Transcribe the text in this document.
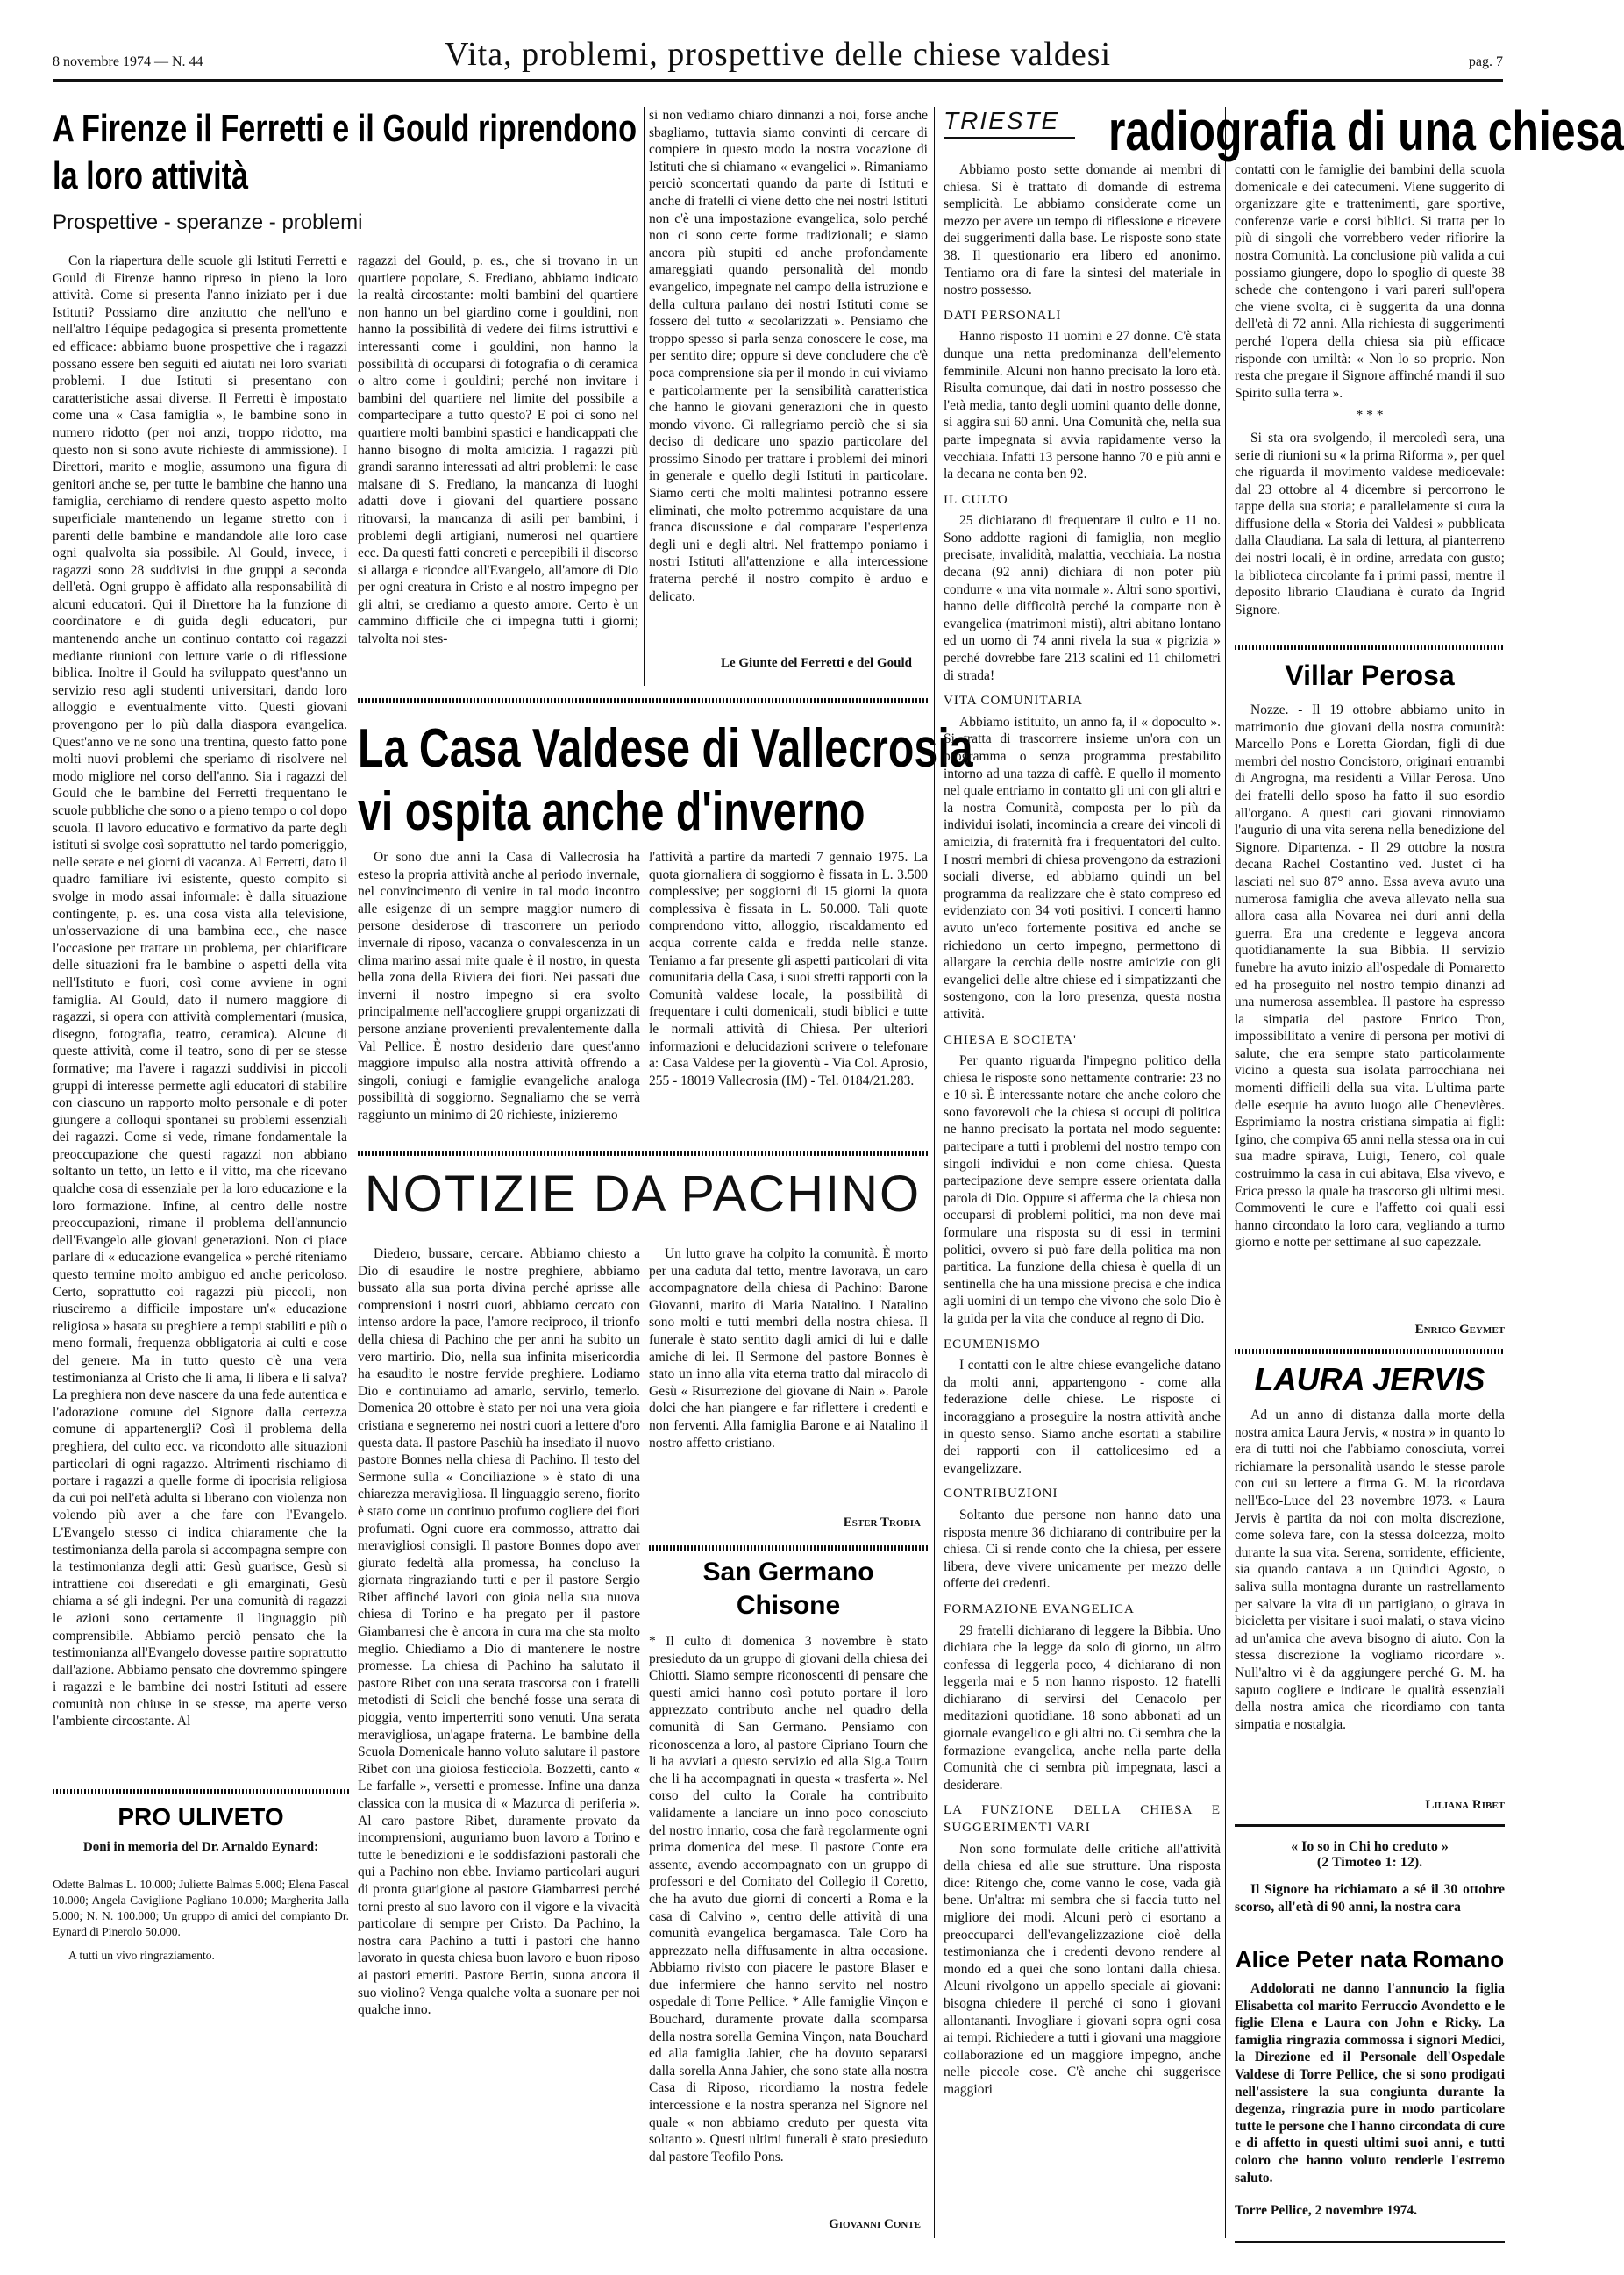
8 novembre 1974 — N. 44	Vita, problemi, prospettive delle chiese valdesi	pag. 7
A Firenze il Ferretti e il Gould riprendono
la loro attività
Prospettive - speranze - problemi

Con la riapertura delle scuole gli Istituti Ferretti e Gould di Firenze hanno ripreso in pieno la loro attività. Come si presenta l'anno iniziato per i due Istituti? Possiamo dire anzitutto che nell'uno e nell'altro l'équipe pedagogica si presenta promettente ed efficace: abbiamo buone prospettive che i ragazzi possano essere ben seguiti ed aiutati nei loro svariati problemi. I due Istituti si presentano con caratteristiche assai diverse. Il Ferretti è impostato come una « Casa famiglia », le bambine sono in numero ridotto (per noi anzi, troppo ridotto, ma questo non si sono avute richieste di ammissione). I Direttori, marito e moglie, assumono una figura di genitori anche se, per tutte le bambine che hanno una famiglia, cerchiamo di rendere questo aspetto molto superficiale mantenendo un legame stretto con i parenti delle bambine e mandandole alle loro case ogni qualvolta sia possibile. Al Gould, invece, i ragazzi sono 28 suddivisi in due gruppi a seconda dell'età. Ogni gruppo è affidato alla responsabilità di alcuni educatori. Qui il Direttore ha la funzione di coordinatore e di guida degli educatori, pur mantenendo anche un continuo contatto coi ragazzi mediante riunioni con letture varie o di riflessione biblica. Inoltre il Gould ha sviluppato quest'anno un servizio reso agli studenti universitari, dando loro alloggio e eventualmente vitto. Questi giovani provengono per lo più dalla diaspora evangelica. Quest'anno ve ne sono una trentina, questo fatto pone molti nuovi problemi che speriamo di risolvere nel modo migliore nel corso dell'anno. Sia i ragazzi del Gould che le bambine del Ferretti frequentano le scuole pubbliche che sono o a pieno tempo o col dopo scuola. Il lavoro educativo e formativo da parte degli istituti si svolge così soprattutto nel tardo pomeriggio, nelle serate e nei giorni di vacanza. Al Ferretti, dato il quadro familiare ivi esistente, questo compito si svolge in modo assai informale: è dalla situazione contingente, p. es. una cosa vista alla televisione, un'osservazione di una bambina ecc., che nasce l'occasione per trattare un problema, per chiarificare delle situazioni fra le bambine o aspetti della vita nell'Istituto e fuori, così come avviene in ogni famiglia. Al Gould, dato il numero maggiore di ragazzi, si opera con attività complementari (musica, disegno, fotografia, teatro, ceramica). Alcune di queste attività, come il teatro, sono di per se stesse formative; ma l'avere i ragazzi suddivisi in piccoli gruppi di interesse permette agli educatori di stabilire con ciascuno un rapporto molto personale e di poter giungere a colloqui spontanei su problemi essenziali dei ragazzi. Come si vede, rimane fondamentale la preoccupazione che questi ragazzi non abbiano soltanto un tetto, un letto e il vitto, ma che ricevano qualche cosa di essenziale per la loro educazione e la loro formazione. Infine, al centro delle nostre preoccupazioni, rimane il problema dell'annuncio dell'Evangelo alle giovani generazioni. Non ci piace parlare di « educazione evangelica » perché riteniamo questo termine molto ambiguo ed anche pericoloso. Certo, soprattutto coi ragazzi più piccoli, non riusciremo a difficile impostare un'« educazione religiosa » basata su preghiere a tempi stabiliti e più o meno formali, frequenza obbligatoria ai culti e cose del genere. Ma in tutto questo c'è una vera testimonianza al Cristo che li ama, li libera e li salva? La preghiera non deve nascere da una fede autentica e l'adorazione comune del Signore dalla certezza comune di appartenergli? Così il problema della preghiera, del culto ecc. va ricondotto alle situazioni particolari di ogni ragazzo. Altrimenti rischiamo di portare i ragazzi a quelle forme di ipocrisia religiosa da cui poi nell'età adulta si liberano con violenza non volendo più aver a che fare con l'Evangelo. L'Evangelo stesso ci indica chiaramente che la testimonianza della parola si accompagna sempre con la testimonianza degli atti: Gesù guarisce, Gesù si intrattiene coi diseredati e gli emarginati, Gesù chiama a sé gli indegni. Per una comunità di ragazzi le azioni sono certamente il linguaggio più comprensibile. Abbiamo perciò pensato che la testimonianza all'Evangelo dovesse partire soprattutto dall'azione. Abbiamo pensato che dovremmo spingere i ragazzi e le bambine dei nostri Istituti ad essere comunità non chiuse in se stesse, ma aperte verso l'ambiente circostante. Al

ragazzi del Gould, p. es., che si trovano in un quartiere popolare, S. Frediano, abbiamo indicato la realtà circostante: molti bambini del quartiere non hanno un bel giardino come i gouldini, non hanno la possibilità di vedere dei films istruttivi e interessanti come i gouldini, non hanno la possibilità di occuparsi di fotografia o di ceramica o altro come i gouldini; perché non invitare i bambini del quartiere nel limite del possibile a compartecipare a tutto questo? E poi ci sono nel quartiere molti bambini spastici e handicappati che hanno bisogno di molta amicizia. I ragazzi più grandi saranno interessati ad altri problemi: le case malsane di S. Frediano, la mancanza di luoghi adatti dove i giovani del quartiere possano ritrovarsi, la mancanza di asili per bambini, i problemi degli artigiani, numerosi nel quartiere ecc. Da questi fatti concreti e percepibili il discorso si allarga e ricondce all'Evangelo, all'amore di Dio per ogni creatura in Cristo e al nostro impegno per gli altri, se crediamo a questo amore. Certo è un cammino difficile che ci impegna tutti i giorni; talvolta noi stes-

si non vediamo chiaro dinnanzi a noi, forse anche sbagliamo, tuttavia siamo convinti di cercare di compiere in questo modo la nostra vocazione di Istituti che si chiamano « evangelici ». Rimaniamo perciò sconcertati quando da parte di Istituti e anche di fratelli ci viene detto che nei nostri Istituti non c'è una impostazione evangelica, solo perché non ci sono certe forme tradizionali; e siamo ancora più stupiti ed anche profondamente amareggiati quando personalità del mondo evangelico, impegnate nel campo della istruzione e della cultura parlano dei nostri Istituti come se fossero del tutto « secolarizzati ». Pensiamo che troppo spesso si parla senza conoscere le cose, ma per sentito dire; oppure si deve concludere che c'è poca comprensione sia per il mondo in cui viviamo e particolarmente per la sensibilità caratteristica che hanno le giovani generazioni che in questo mondo vivono. Ci rallegriamo perciò che si sia deciso di dedicare uno spazio particolare del prossimo Sinodo per trattare i problemi dei minori in generale e quello degli Istituti in particolare. Siamo certi che molti malintesi potranno essere eliminati, che molto potremmo acquistare da una franca discussione e dal comparare l'esperienza degli uni e degli altri. Nel frattempo poniamo i nostri Istituti all'attenzione e alla intercessione fraterna perché il nostro compito è arduo e delicato.

Le Giunte del Ferretti e del Gould
PRO ULIVETO
Doni in memoria del Dr. Arnaldo Eynard:

Odette Balmas L. 10.000; Juliette Balmas 5.000; Elena Pascal 10.000; Angela Caviglione Pagliano 10.000; Margherita Jalla 5.000; N. N. 100.000; Un gruppo di amici del compianto Dr. Eynard di Pinerolo 50.000.

A tutti un vivo ringraziamento.
La Casa Valdese di Vallecrosia
vi ospita anche d'inverno

Or sono due anni la Casa di Vallecrosia ha esteso la propria attività anche al periodo invernale, nel convincimento di venire in tal modo incontro alle esigenze di un sempre maggior numero di persone desiderose di trascorrere un periodo invernale di riposo, vacanza o convalescenza in un clima marino assai mite quale è il nostro, in questa bella zona della Riviera dei fiori. Nei passati due inverni il nostro impegno si era svolto principalmente nell'accogliere gruppi organizzati di persone anziane provenienti prevalentemente dalla Val Pellice. È nostro desiderio dare quest'anno maggiore impulso alla nostra attività offrendo a singoli, coniugi e famiglie evangeliche analoga possibilità di soggiorno. Segnaliamo che se verrà raggiunto un minimo di 20 richieste, inizieremo

l'attività a partire da martedì 7 gennaio 1975. La quota giornaliera di soggiorno è fissata in L. 3.500 complessive; per soggiorni di 15 giorni la quota complessiva è fissata in L. 50.000. Tali quote comprendono vitto, alloggio, riscaldamento ed acqua corrente calda e fredda nelle stanze. Teniamo a far presente gli aspetti particolari di vita comunitaria della Casa, i suoi stretti rapporti con la Comunità valdese locale, la possibilità di frequentare i culti domenicali, studi biblici e tutte le normali attività di Chiesa. Per ulteriori informazioni e delucidazioni scrivere o telefonare a: Casa Valdese per la gioventù - Via Col. Aprosio, 255 - 18019 Vallecrosia (IM) - Tel. 0184/21.283.

NOTIZIE DA PACHINO

Diedero, bussare, cercare. Abbiamo chiesto a Dio di esaudire le nostre preghiere, abbiamo bussato alla sua porta divina perché aprisse alle comprensioni i nostri cuori, abbiamo cercato con intenso ardore la pace, l'amore reciproco, il trionfo della chiesa di Pachino che per anni ha subito un vero martirio. Dio, nella sua infinita misericordia ha esaudito le nostre fervide preghiere. Lodiamo Dio e continuiamo ad amarlo, servirlo, temerlo. Domenica 20 ottobre è stato per noi una vera gioia cristiana e segneremo nei nostri cuori a lettere d'oro questa data. Il pastore Paschiù ha insediato il nuovo pastore Bonnes nella chiesa di Pachino. Il testo del Sermone sulla « Conciliazione » è stato di una chiarezza meravigliosa. Il linguaggio sereno, fiorito è stato come un continuo profumo cogliere dei fiori profumati. Ogni cuore era commosso, attratto dai meravigliosi consigli. Il pastore Bonnes dopo aver giurato fedeltà alla promessa, ha concluso la giornata ringraziando tutti e per il pastore Sergio Ribet affinché lavori con gioia nella sua nuova chiesa di Torino e ha pregato per il pastore Giambarresi che è ancora in cura ma che sta molto meglio. Chiediamo a Dio di mantenere le nostre promesse. La chiesa di Pachino ha salutato il pastore Ribet con una serata trascorsa con i fratelli metodisti di Scicli che benché fosse una serata di pioggia, vento imperterriti sono venuti. Una serata meravigliosa, un'agape fraterna. Le bambine della Scuola Domenicale hanno voluto salutare il pastore Ribet con una gioiosa festicciola. Bozzetti, canto « Le farfalle », versetti e promesse. Infine una danza classica con la musica di « Mazurca di periferia ». Al caro pastore Ribet, duramente provato da incomprensioni, auguriamo buon lavoro a Torino e tutte le benedizioni e le soddisfazioni pastorali che qui a Pachino non ebbe. Inviamo particolari auguri di pronta guarigione al pastore Giambarresi perché torni presto al suo lavoro con il vigore e la vivacità particolare di sempre per Cristo. Da Pachino, la nostra cara Pachino a tutti i pastori che hanno lavorato in questa chiesa buon lavoro e buon riposo ai pastori emeriti. Pastore Bertin, suona ancora il suo violino? Venga qualche volta a suonare per noi qualche inno.

Un lutto grave ha colpito la comunità. È morto per una caduta dal tetto, mentre lavorava, un caro accompagnatore della chiesa di Pachino: Barone Giovanni, marito di Maria Natalino. I Natalino sono molti e tutti membri della nostra chiesa. Il funerale è stato sentito dagli amici di lui e dalle amiche di lei. Il Sermone del pastore Bonnes è stato un inno alla vita eterna tratto dal miracolo di Gesù « Risurrezione del giovane di Nain ». Parole dolci che han piangere e far riflettere i credenti e non ferventi. Alla famiglia Barone e ai Natalino il nostro affetto cristiano.

Ester Trobia
San Germano
Chisone

* Il culto di domenica 3 novembre è stato presieduto da un gruppo di giovani della chiesa dei Chiotti. Siamo sempre riconoscenti di pensare che questi amici hanno così potuto portare il loro apprezzato contributo anche nel quadro della comunità di San Germano. Pensiamo con riconoscenza a loro, al pastore Cipriano Tourn che li ha avviati a questo servizio ed alla Sig.a Tourn che li ha accompagnati in questa « trasferta ». Nel corso del culto la Corale ha contribuito validamente a lanciare un inno poco conosciuto del nostro innario, cosa che farà regolarmente ogni prima domenica del mese. Il pastore Conte era assente, avendo accompagnato con un gruppo di professori e del Comitato del Collegio il Coretto, che ha avuto due giorni di concerti a Roma e la casa di Calvino », centro delle attività di una comunità evangelica bergamasca. Tale Coro ha apprezzato nella diffusamente in altra occasione. Abbiamo rivisto con piacere le pastore Blaser e due infermiere che hanno servito nel nostro ospedale di Torre Pellice. * Alle famiglie Vinçon e Bouchard, duramente provate dalla scomparsa della nostra sorella Gemina Vinçon, nata Bouchard ed alla famiglia Jahier, che ha dovuto separarsi dalla sorella Anna Jahier, che sono state alla nostra Casa di Riposo, ricordiamo la nostra fedele intercessione e la nostra speranza nel Signore nel quale « non abbiamo creduto per questa vita soltanto ». Questi ultimi funerali è stato presieduto dal pastore Teofilo Pons.

Giovanni Conte
TRIESTE radiografia di una chiesa

Abbiamo posto sette domande ai membri di chiesa. Si è trattato di domande di estrema semplicità. Le abbiamo considerate come un mezzo per avere un tempo di riflessione e ricevere dei suggerimenti dalla base. Le risposte sono state 38. Il questionario era libero ed anonimo. Tentiamo ora di fare la sintesi del materiale in nostro possesso.

DATI PERSONALI

Hanno risposto 11 uomini e 27 donne. C'è stata dunque una netta predominanza dell'elemento femminile. Alcuni non hanno precisato la loro età. Risulta comunque, dai dati in nostro possesso che l'età media, tanto degli uomini quanto delle donne, si aggira sui 60 anni. Una Comunità che, nella sua parte impegnata si avvia rapidamente verso la vecchiaia. Infatti 13 persone hanno 70 e più anni e la decana ne conta ben 92.

IL CULTO

25 dichiarano di frequentare il culto e 11 no. Sono addotte ragioni di famiglia, non meglio precisate, invalidità, malattia, vecchiaia. La nostra decana (92 anni) dichiara di non poter più condurre « una vita normale ». Altri sono sportivi, hanno delle difficoltà perché la comparte non è evangelica (matrimoni misti), altri abitano lontano ed un uomo di 74 anni rivela la sua « pigrizia » perché dovrebbe fare 213 scalini ed 11 chilometri di strada!

VITA COMUNITARIA

Abbiamo istituito, un anno fa, il « dopoculto ». Si tratta di trascorrere insieme un'ora con un programma o senza programma prestabilito intorno ad una tazza di caffè. E quello il momento nel quale entriamo in contatto gli uni con gli altri e la nostra Comunità, composta per lo più da individui isolati, incomincia a creare dei vincoli di amicizia, di fraternità fra i frequentatori del culto. I nostri membri di chiesa provengono da estrazioni sociali diverse, ed abbiamo quindi un bel programma da realizzare che è stato compreso ed evidenziato con 34 voti positivi. I concerti hanno avuto un'eco fortemente positiva ed anche se richiedono un certo impegno, permettono di allargare la cerchia delle nostre amicizie con gli evangelici delle altre chiese ed i simpatizzanti che sostengono, con la loro presenza, questa nostra attività.

CHIESA E SOCIETA'

Per quanto riguarda l'impegno politico della chiesa le risposte sono nettamente contrarie: 23 no e 10 sì. È interessante notare che anche coloro che sono favorevoli che la chiesa si occupi di politica ne hanno precisato la portata nel modo seguente: partecipare a tutti i problemi del nostro tempo con singoli individui e non come chiesa. Questa partecipazione deve sempre essere orientata dalla parola di Dio. Oppure si afferma che la chiesa non occuparsi di problemi politici, ma non deve mai formulare una risposta su di essi in termini politici, ovvero si può fare della politica ma non partitica. La funzione della chiesa è quella di un sentinella che ha una missione precisa e che indica agli uomini di un tempo che vivono che solo Dio è la guida per la vita che conduce al regno di Dio.

ECUMENISMO

I contatti con le altre chiese evangeliche datano da molti anni, appartengono - come alla federazione delle chiese. Le risposte ci incoraggiano a proseguire la nostra attività anche in questo senso. Siamo anche esortati a stabilire dei rapporti con il cattolicesimo ed a evangelizzare.

CONTRIBUZIONI

Soltanto due persone non hanno dato una risposta mentre 36 dichiarano di contribuire per la chiesa. Ci si rende conto che la chiesa, per essere libera, deve vivere unicamente per mezzo delle offerte dei credenti.

FORMAZIONE EVANGELICA

29 fratelli dichiarano di leggere la Bibbia. Uno dichiara che la legge da solo di giorno, un altro confessa di leggerla poco, 4 dichiarano di non leggerla mai e 5 non hanno risposto. 12 fratelli dichiarano di servirsi del Cenacolo per meditazioni quotidiane. 18 sono abbonati ad un giornale evangelico e gli altri no. Ci sembra che la formazione evangelica, anche nella parte della Comunità che ci sembra più impegnata, lasci a desiderare.

LA FUNZIONE DELLA CHIESA E SUGGERIMENTI VARI

Non sono formulate delle critiche all'attività della chiesa ed alle sue strutture. Una risposta dice: Ritengo che, come vanno le cose, vada già bene. Un'altra: mi sembra che si faccia tutto nel migliore dei modi. Alcuni però ci esortano a preoccuparci dell'evangelizzazione cioè della testimonianza che i credenti devono rendere al mondo ed a quei che sono lontani dalla chiesa. Alcuni rivolgono un appello speciale ai giovani: bisogna chiedere il perché ci sono i giovani allontananti. Invogliare i giovani sopra ogni cosa ai tempi. Richiedere a tutti i giovani una maggiore collaborazione ed un maggiore impegno, anche nelle piccole cose. C'è anche chi suggerisce maggiori

contatti con le famiglie dei bambini della scuola domenicale e dei catecumeni. Viene suggerito di organizzare gite e trattenimenti, gare sportive, conferenze varie e corsi biblici. Si tratta per lo più di singoli che vorrebbero veder rifiorire la nostra Comunità. La conclusione più valida a cui possiamo giungere, dopo lo spoglio di queste 38 schede che contengono i vari pareri sull'opera che viene svolta, ci è suggerita da una donna dell'età di 72 anni. Alla richiesta di suggerimenti perché l'opera della chiesa sia più efficace risponde con umiltà: « Non lo so proprio. Non resta che pregare il Signore affinché mandi il suo Spirito sulla terra ».

* * *

Si sta ora svolgendo, il mercoledì sera, una serie di riunioni su « la prima Riforma », per quel che riguarda il movimento valdese medioevale: dal 23 ottobre al 4 dicembre si percorrono le tappe della sua storia; e parallelamente si cura la diffusione della « Storia dei Valdesi » pubblicata dalla Claudiana. La sala di lettura, al pianterreno dei nostri locali, è in ordine, arredata con gusto; la biblioteca circolante fa i primi passi, mentre il deposito librario Claudiana è curato da Ingrid Signore.

Villar Perosa

Nozze. - Il 19 ottobre abbiamo unito in matrimonio due giovani della nostra comunità: Marcello Pons e Loretta Giordan, figli di due membri del nostro Concistoro, originari entrambi di Angrogna, ma residenti a Villar Perosa. Uno dei fratelli dello sposo ha fatto il suo esordio all'organo. A questi cari giovani rinnoviamo l'augurio di una vita serena nella benedizione del Signore. Dipartenza. - Il 29 ottobre la nostra decana Rachel Costantino ved. Justet ci ha lasciati nel suo 87° anno. Essa aveva avuto una numerosa famiglia che aveva allevato nella sua allora casa alla Novarea nei duri anni della guerra. Era una credente e leggeva ancora quotidianamente la sua Bibbia. Il servizio funebre ha avuto inizio all'ospedale di Pomaretto ed ha proseguito nel nostro tempio dinanzi ad una numerosa assemblea. Il pastore ha espresso la simpatia del pastore Enrico Tron, impossibilitato a venire di persona per motivi di salute, che era sempre stato particolarmente vicino a questa sua isolata parrocchiana nei momenti difficili della sua vita. L'ultima parte delle esequie ha avuto luogo alle Chenevières. Esprimiamo la nostra cristiana simpatia ai figli: Igino, che compiva 65 anni nella stessa ora in cui sua madre spirava, Luigi, Tenero, col quale costruimmo la casa in cui abitava, Elsa vivevo, e Erica presso la quale ha trascorso gli ultimi mesi. Commoventi le cure e l'affetto coi quali essi hanno circondato la loro cara, vegliando a turno giorno e notte per settimane al suo capezzale.

Enrico Geymet
LAURA JERVIS

Ad un anno di distanza dalla morte della nostra amica Laura Jervis, « nostra » in quanto lo era di tutti noi che l'abbiamo conosciuta, vorrei richiamare la personalità usando le stesse parole con cui su lettere a firma G. M. la ricordava nell'Eco-Luce del 23 novembre 1973. « Laura Jervis è partita da noi con molta discrezione, come soleva fare, con la stessa dolcezza, molto durante la sua vita. Serena, sorridente, efficiente, sia quando cantava a un Quindici Agosto, o saliva sulla montagna durante un rastrellamento per salvare la vita di un partigiano, o girava in bicicletta per visitare i suoi malati, o stava vicino ad un'amica che aveva bisogno di aiuto. Con la stessa discrezione la vogliamo ricordare ». Null'altro vi è da aggiungere perché G. M. ha saputo cogliere e indicare le qualità essenziali della nostra amica che ricordiamo con tanta simpatia e nostalgia.

Liliana Ribet
« Io so in Chi ho creduto »
(2 Timoteo 1: 12).

Il Signore ha richiamato a sé il 30 ottobre scorso, all'età di 90 anni, la nostra cara

Alice Peter nata Romano

Addolorati ne danno l'annuncio la figlia Elisabetta col marito Ferruccio Avondetto e le figlie Elena e Laura con John e Ricky. La famiglia ringrazia commossa i signori Medici, la Direzione ed il Personale dell'Ospedale Valdese di Torre Pellice, che si sono prodigati nell'assistere la sua congiunta durante la degenza, ringrazia pure in modo particolare tutte le persone che l'hanno circondata di cure e di affetto in questi ultimi suoi anni, e tutti coloro che hanno voluto renderle l'estremo saluto.

Torre Pellice, 2 novembre 1974.
